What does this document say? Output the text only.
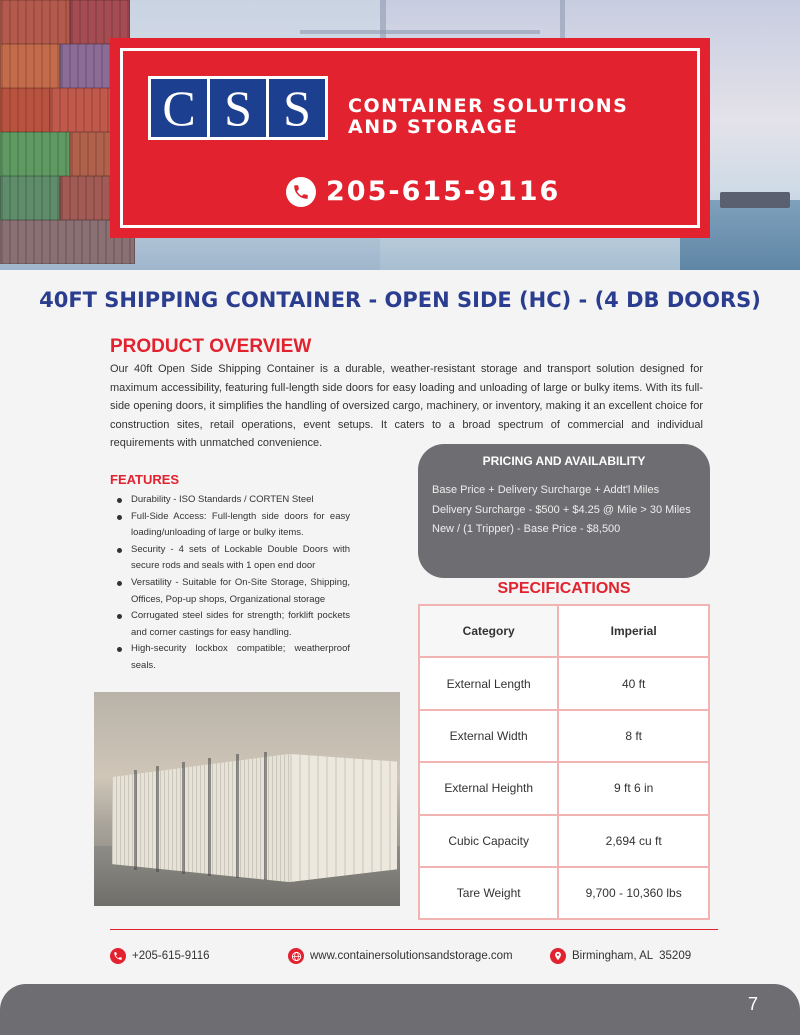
C S S	CONTAINER SOLUTIONS
AND STORAGE
205-615-9116
40FT SHIPPING CONTAINER - OPEN SIDE (HC) - (4 DB DOORS)
PRODUCT OVERVIEW
Our 40ft Open Side Shipping Container is a durable, weather-resistant storage and transport solution designed for maximum accessibility, featuring full-length side doors for easy loading and unloading of large or bulky items. With its full-side opening doors, it simplifies the handling of oversized cargo, machinery, or inventory, making it an excellent choice for construction sites, retail operations, event setups. It caters to a broad spectrum of commercial and individual requirements with unmatched convenience.
FEATURES
Durability - ISO Standards / CORTEN Steel
Full-Side Access: Full-length side doors for easy loading/unloading of large or bulky items.
Security - 4 sets of Lockable Double Doors with secure rods and seals with 1 open end door
Versatility - Suitable for On-Site Storage, Shipping, Offices, Pop-up shops, Organizational storage
Corrugated steel sides for strength; forklift pockets and corner castings for easy handling.
High-security lockbox compatible; weatherproof seals.
PRICING AND AVAILABILITY
Base Price + Delivery Surcharge + Addt'l Miles
Delivery Surcharge - $500 + $4.25 @ Mile > 30 Miles
New / (1 Tripper) - Base Price - $8,500
SPECIFICATIONS
Category	Imperial
External Length	40 ft
External Width	8 ft
External Heighth	9 ft 6 in
Cubic Capacity	2,694 cu ft
Tare Weight	9,700 - 10,360 lbs
+205-615-9116	www.containersolutionsandstorage.com	Birmingham, AL  35209
7
